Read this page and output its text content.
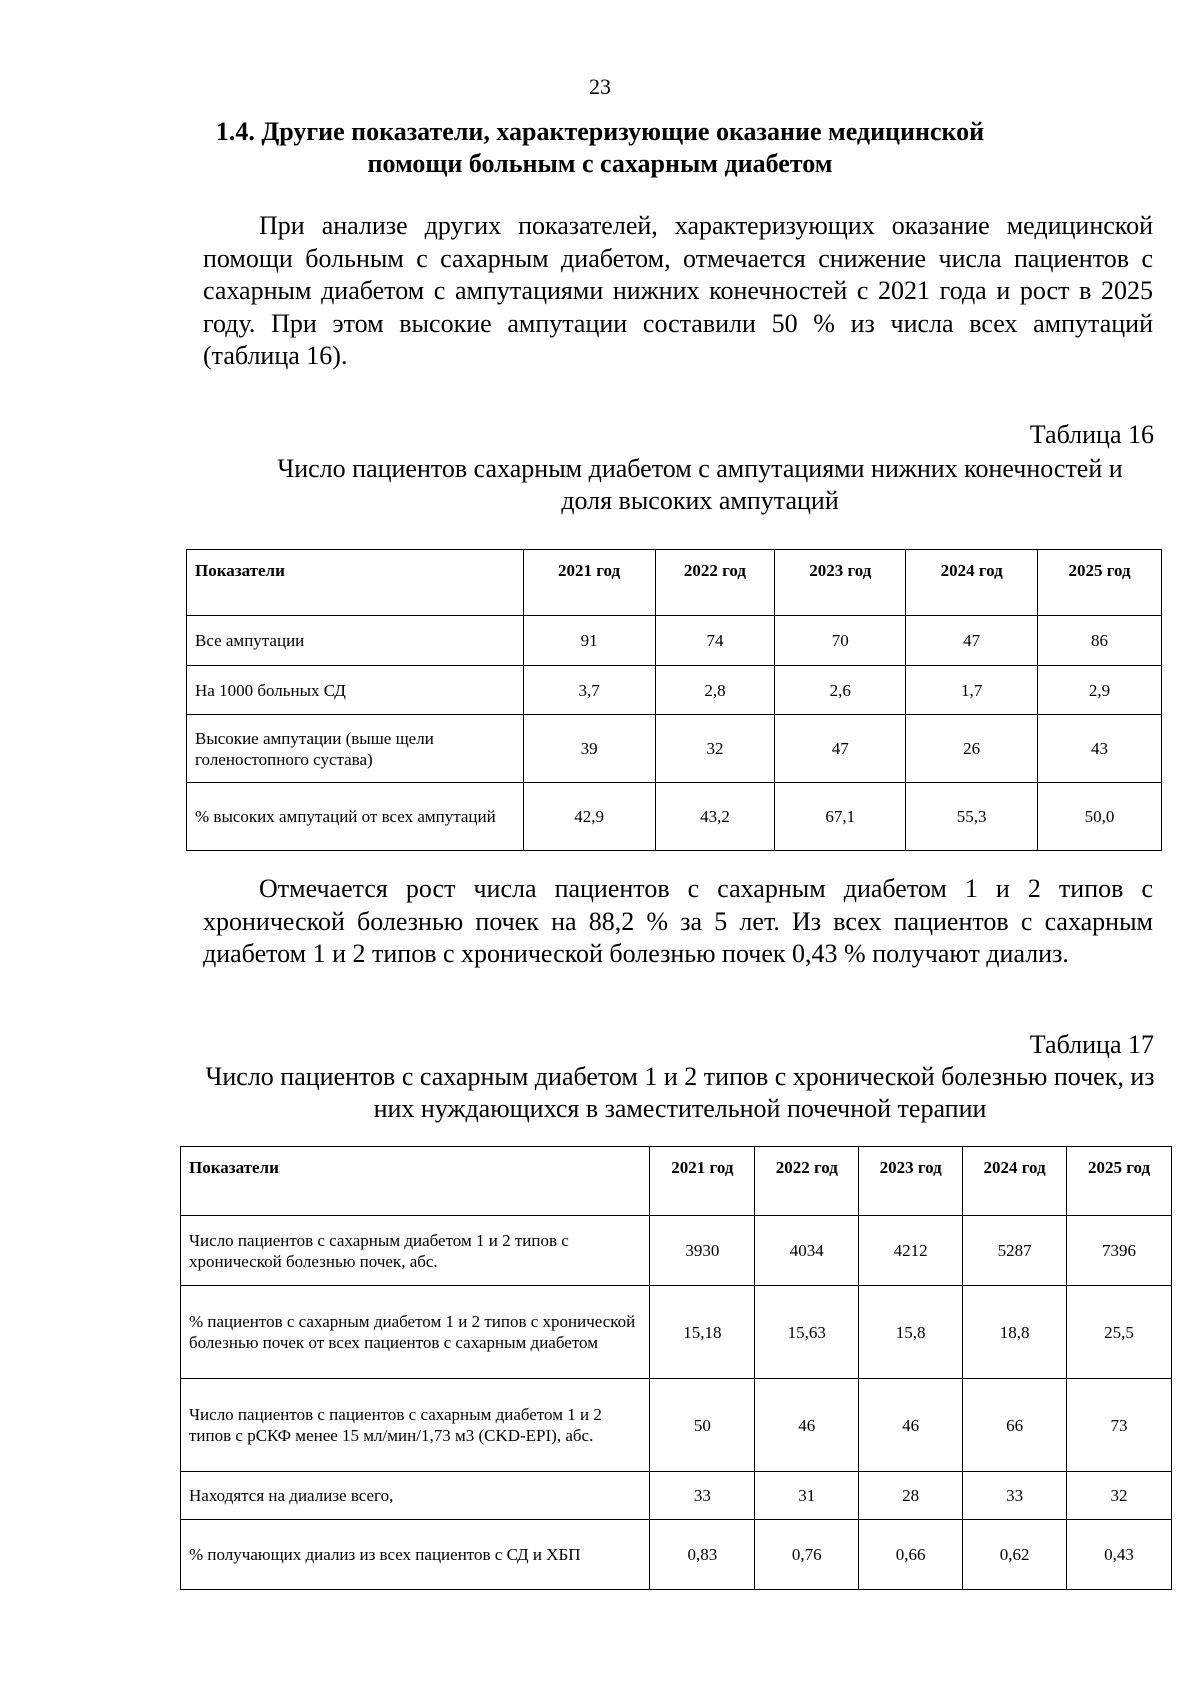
23
1.4. Другие показатели, характеризующие оказание медицинской помощи больным с сахарным диабетом
При анализе других показателей, характеризующих оказание медицинской помощи больным с сахарным диабетом, отмечается снижение числа пациентов с сахарным диабетом с ампутациями нижних конечностей с 2021 года и рост в 2025 году. При этом высокие ампутации составили 50 % из числа всех ампутаций (таблица 16).
Таблица 16
Число пациентов сахарным диабетом с ампутациями нижних конечностей и доля высоких ампутаций
Показатели	2021 год	2022 год	2023 год	2024 год	2025 год
Все ампутации	91	74	70	47	86
На 1000 больных СД	3,7	2,8	2,6	1,7	2,9
Высокие ампутации (выше щели голеностопного сустава)	39	32	47	26	43
% высоких ампутаций от всех ампутаций	42,9	43,2	67,1	55,3	50,0
Отмечается рост числа пациентов с сахарным диабетом 1 и 2 типов с хронической болезнью почек на 88,2 % за 5 лет. Из всех пациентов с сахарным диабетом 1 и 2 типов с хронической болезнью почек 0,43 % получают диализ.
Таблица 17
Число пациентов с сахарным диабетом 1 и 2 типов с хронической болезнью почек, из них нуждающихся в заместительной почечной терапии
Показатели	2021 год	2022 год	2023 год	2024 год	2025 год
Число пациентов с сахарным диабетом 1 и 2 типов с хронической болезнью почек, абс.	3930	4034	4212	5287	7396
% пациентов с сахарным диабетом 1 и 2 типов с хронической болезнью почек от всех пациентов с сахарным диабетом	15,18	15,63	15,8	18,8	25,5
Число пациентов с пациентов с сахарным диабетом 1 и 2 типов с рСКФ менее 15 мл/мин/1,73 м3 (CKD-EPI), абс.	50	46	46	66	73
Находятся на диализе всего,	33	31	28	33	32
% получающих диализ из всех пациентов с СД и ХБП	0,83	0,76	0,66	0,62	0,43
